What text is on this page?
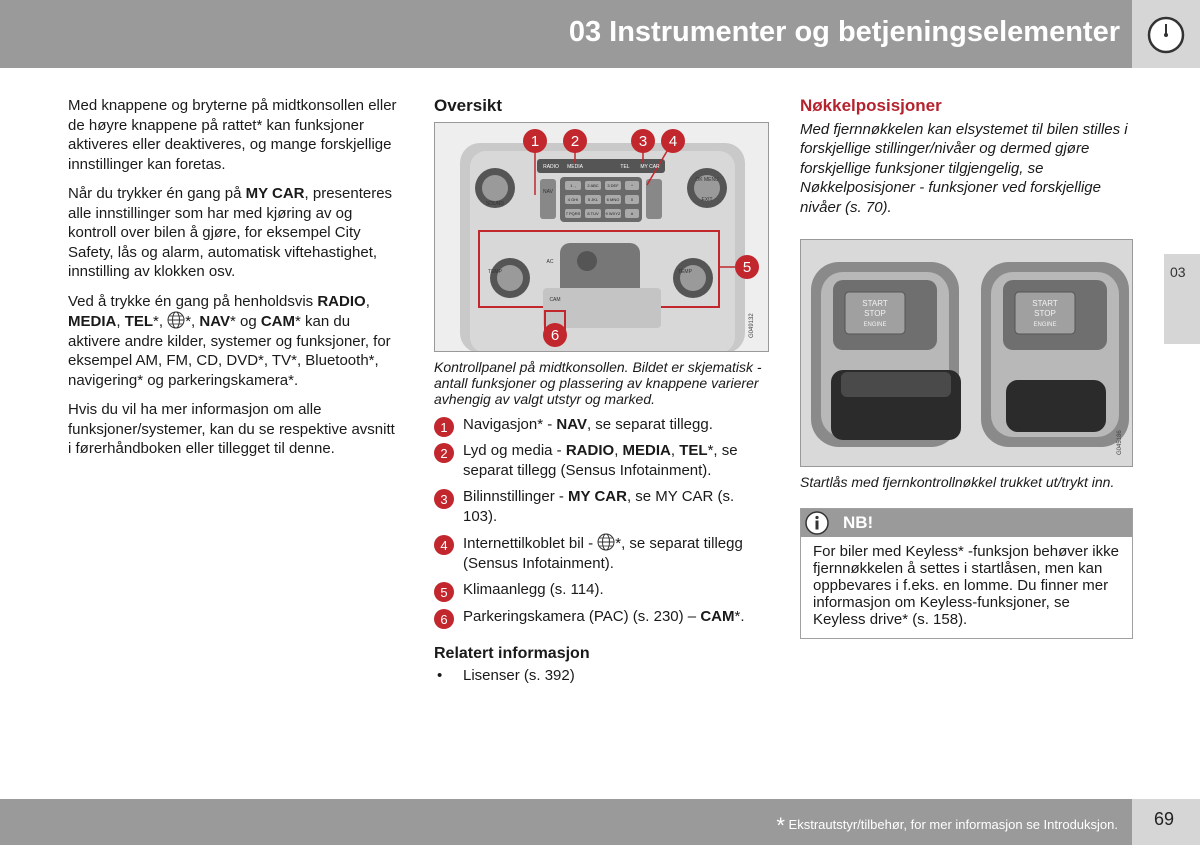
03 Instrumenter og betjeningselementer
03

Med knappene og bryterne på midtkonsollen eller de høyre knappene på rattet* kan funksjoner aktiveres eller deaktiveres, og mange forskjellige innstillinger kan foretas.

Når du trykker én gang på MY CAR, presenteres alle innstillinger som har med kjøring av og kontroll over bilen å gjøre, for eksempel City Safety, lås og alarm, automatisk viftehastighet, innstilling av klokken osv.

Ved å trykke én gang på henholdsvis RADIO, MEDIA, TEL*, *, NAV* og CAM* kan du aktivere andre kilder, systemer og funksjoner, for eksempel AM, FM, CD, DVD*, TV*, Bluetooth*, navigering* og parkeringskamera*.

Hvis du vil ha mer informasjon om alle funksjoner/systemer, kan du se respektive avsnitt i førerhåndboken eller tillegget til denne.

Oversikt
1 2	3 4
5
6
RADIO MEDIA	TEL MY CAR
NAV
SOUND
OK MENU
EXIT
TEMP	TEMP
AC
CAM
1 .,	2 ABC 3 DEF	*
4 GHI 5 JKL 6 MNO	0
7 PQRS 8 TUV 9 WXYZ	#
G049132

Kontrollpanel på midtkonsollen. Bildet er skjematisk - antall funksjoner og plassering av knappene varierer avhengig av valgt utstyr og marked.

1 Navigasjon* - NAV, se separat tillegg.
2 Lyd og media - RADIO, MEDIA, TEL*, se separat tillegg (Sensus Infotainment).
3 Bilinnstillinger - MY CAR, se MY CAR (s. 103).
4 Internettilkoblet bil - *, se separat tillegg (Sensus Infotainment).
5 Klimaanlegg (s. 114).
6 Parkeringskamera (PAC) (s. 230) – CAM*.
Relatert informasjon
• Lisenser (s. 392)
Nøkkelposisjoner

Med fjernnøkkelen kan elsystemet til bilen stilles i forskjellige stillinger/nivåer og dermed gjøre forskjellige funksjoner tilgjengelig, se Nøkkelposisjoner - funksjoner ved forskjellige nivåer (s. 70).

START
STOP
ENGINE
START
STOP
ENGINE
G045186

Startlås med fjernkontrollnøkkel trukket ut/trykt inn.

NB!
For biler med Keyless* -funksjon behøver ikke fjernnøkkelen å settes i startlåsen, men kan oppbevares i f.eks. en lomme. Du finner mer informasjon om Keyless-funksjoner, se Keyless drive* (s. 158).
* Ekstrautstyr/tilbehør, for mer informasjon se Introduksjon. 69
